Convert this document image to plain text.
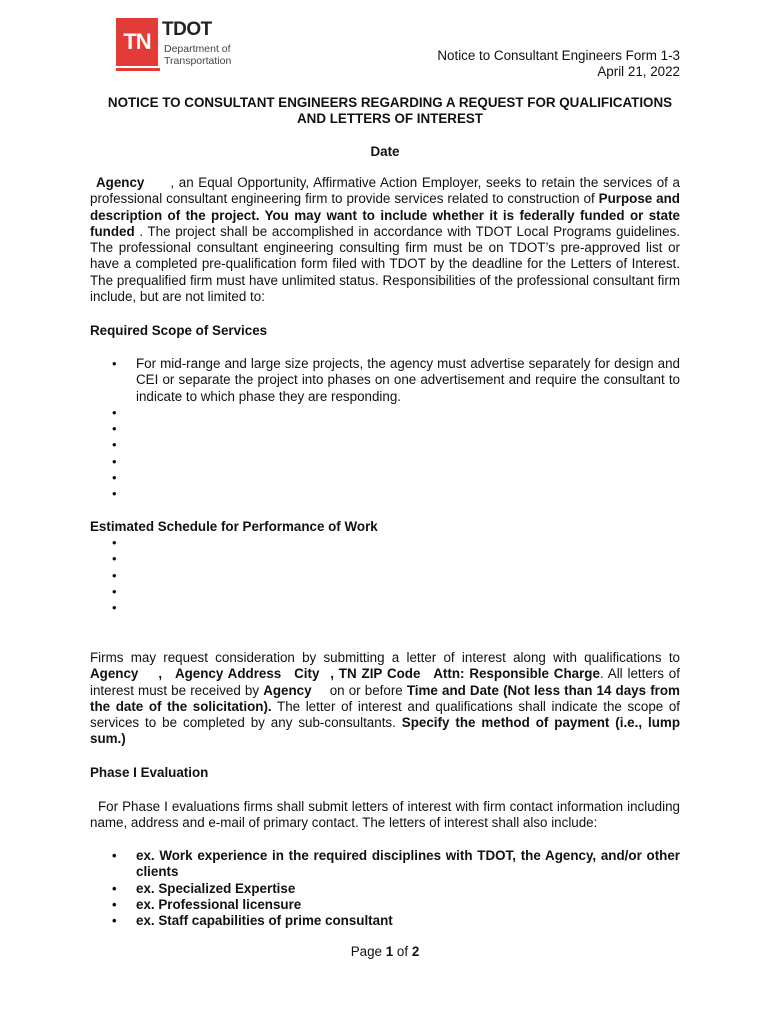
TN TDOT
Department of
Transportation	Notice to Consultant Engineers Form 1-3
April 21, 2022
NOTICE TO CONSULTANT ENGINEERS REGARDING A REQUEST FOR QUALIFICATIONS
AND LETTERS OF INTEREST
Date
Agency , an Equal Opportunity, Affirmative Action Employer, seeks to retain the services of a professional consultant engineering firm to provide services related to construction of Purpose and description of the project. You may want to include whether it is federally funded or state funded . The project shall be accomplished in accordance with TDOT Local Programs guidelines. The professional consultant engineering consulting firm must be on TDOT’s pre-approved list or have a completed pre-qualification form filed with TDOT by the deadline for the Letters of Interest. The prequalified firm must have unlimited status. Responsibilities of the professional consultant firm include, but are not limited to:
Required Scope of Services
• For mid-range and large size projects, the agency must advertise separately for design and CEI or separate the project into phases on one advertisement and require the consultant to indicate to which phase they are responding.
•
•
•
•
•
•
Estimated Schedule for Performance of Work
•
•
•
•
•
Firms may request consideration by submitting a letter of interest along with qualifications to Agency , Agency Address City , TN ZIP Code Attn: Responsible Charge. All letters of interest must be received by Agency on or before Time and Date (Not less than 14 days from the date of the solicitation). The letter of interest and qualifications shall indicate the scope of services to be completed by any sub-consultants. Specify the method of payment (i.e., lump sum.)
Phase I Evaluation
For Phase I evaluations firms shall submit letters of interest with firm contact information including name, address and e-mail of primary contact. The letters of interest shall also include:
• ex. Work experience in the required disciplines with TDOT, the Agency, and/or other clients
• ex. Specialized Expertise
• ex. Professional licensure
• ex. Staff capabilities of prime consultant
Page 1 of 2
